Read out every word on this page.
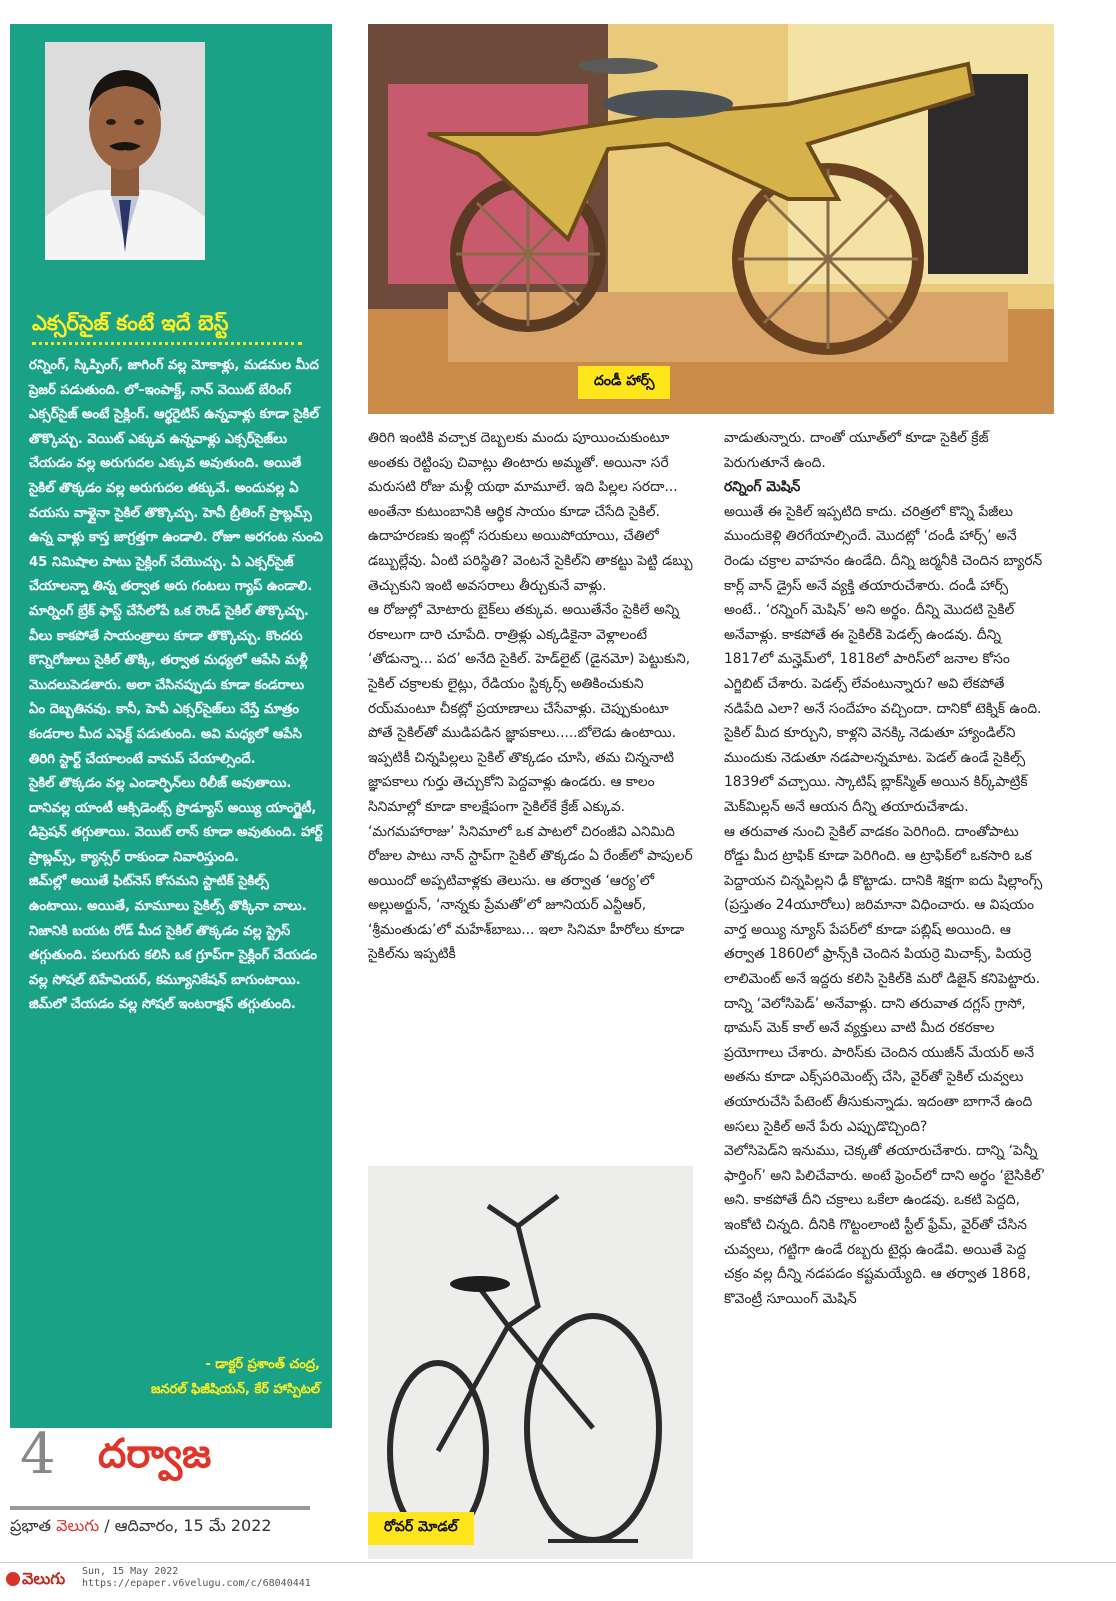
ఎక్సర్‌‌సైజ్ కంటే ఇదే బెస్ట్

రన్నింగ్, స్కిప్పింగ్, జాగింగ్ వల్ల మోకాళ్లు, మడమల మీద ప్రెజర్ పడుతుంది. లో–ఇంపాక్ట్, నాన్ వెయిట్ బేరింగ్ ఎక్సర్‌‌సైజ్ అంటే సైక్లింగ్. ఆర్థరైటిస్ ఉన్నవాళ్లు కూడా సైకిల్ తొక్కొచ్చు. వెయిట్ ఎక్కువ ఉన్నవాళ్లు ఎక్సర్‌‌సైజ్‌‌లు చేయడం వల్ల అరుగుదల ఎక్కువ అవుతుంది. అయితే సైకిల్ తొక్కడం వల్ల అరుగుదల తక్కువే. అందువల్ల ఏ వయసు వాళ్లైనా సైకిల్ తొక్కొచ్చు. హెవీ బ్రీతింగ్ ప్రాబ్లమ్స్ ఉన్న వాళ్లు కాస్త జాగ్రత్తగా ఉండాలి. రోజూ అరగంట నుంచి 45 నిమిషాల పాటు సైక్లింగ్ చేయొచ్చు. ఏ ఎక్సర్‌‌సైజ్ చేయాలన్నా తిన్న తర్వాత అరు గంటలు గ్యాప్ ఉండాలి. మార్నింగ్ బ్రేక్ ఫాస్ట్ చేసేలోపే ఒక రౌండ్ సైకిల్ తొక్కొచ్చు. వీలు కాకపోతే సాయంత్రాలు కూడా తొక్కొచ్చు. కొందరు కొన్నిరోజులు సైకిల్ తొక్కి, తర్వాత మధ్యలో ఆపేసి మళ్లీ మొదలుపెడతారు. అలా చేసినప్పుడు కూడా కండరాలు ఏం దెబ్బతినవు. కానీ, హెవీ ఎక్సర్‌‌సైజ్‌‌లు చేస్తే మాత్రం కండరాల మీద ఎఫెక్ట్ పడుతుంది. అవి మధ్యలో ఆపేసి తిరిగి స్టార్ట్ చేయాలంటే వామప్ చేయాల్సిందే.

సైకిల్ తొక్కడం వల్ల ఎండార్ఫిన్‌‌లు రిలీజ్ అవుతాయి. దానివల్ల యాంటీ ఆక్సిడెంట్స్ ప్రొడ్యూస్ అయ్యి యాంగ్జైటీ, డిప్రెషన్ తగ్గుతాయి. వెయిట్ లాస్ కూడా అవుతుంది. హార్ట్ ప్రాబ్లమ్స్, క్యాన్సర్ రాకుండా నివారిస్తుంది.

జిమ్‌‌ల్లో అయితే ఫిట్‌‌నెస్ కోసమని స్టాటిక్ సైకిల్స్ ఉంటాయి. అయితే, మామూలు సైకిల్స్ తొక్కినా చాలు. నిజానికి బయట రోడ్ మీద సైకిల్ తొక్కడం వల్ల స్ట్రెస్ తగ్గుతుంది. పలుగురు కలిసి ఒక గ్రూప్‌‌గా సైక్లింగ్ చేయడం వల్ల సోషల్ బిహేవియర్, కమ్యూనికేషన్ బాగుంటాయి. జిమ్‌‌లో చేయడం వల్ల సోషల్ ఇంటరాక్షన్ తగ్గుతుంది.

- డాక్టర్ ప్రశాంత్ చంద్ర,
జనరల్ ఫిజీషియన్, కేర్ హాస్పిటల్
దండీ హార్స్

తిరిగి ఇంటికి వచ్చాక దెబ్బలకు మందు పూయించుకుంటూ అంతకు రెట్టింపు చివాట్లు తింటారు అమ్మతో. అయినా సరే మరుసటి రోజు మళ్లీ యథా మామూలే. ఇది పిల్లల సరదా... అంతేనా కుటుంబానికి ఆర్థిక సాయం కూడా చేసేది సైకిల్. ఉదాహరణకు ఇంట్లో సరుకులు అయిపోయాయి, చేతిలో డబ్బుల్లేవు. ఏంటి పరిస్థితి? వెంటనే సైకిల్‌‌ని తాకట్టు పెట్టి డబ్బు తెచ్చుకుని ఇంటి అవసరాలు తీర్చుకునే వాళ్లు.

ఆ రోజుల్లో మోటారు బైక్‌‌లు తక్కువ. అయితేనేం సైకిలే అన్ని రకాలుగా దారి చూపేది. రాత్రిళ్లు ఎక్కడికైనా వెళ్లాలంటే ‘తోడున్నా... పద’ అనేది సైకిల్. హెడ్‌‌లైట్ (డైనమో) పెట్టుకుని, సైకిల్ చక్రాలకు లైట్లు, రేడియం స్టిక్కర్స్ అతికించుకుని రయ్‌‌మంటూ చీకట్లో ప్రయాణాలు చేసేవాళ్లు. చెప్పుకుంటూ పోతే సైకిల్‌‌తో ముడిపడిన జ్ఞాపకాలు.....బోలెడు ఉంటాయి. ఇప్పటికీ చిన్నపిల్లలు సైకిల్ తొక్కడం చూసి, తమ చిన్ననాటి జ్ఞాపకాలు గుర్తు తెచ్చుకోని పెద్దవాళ్లు ఉండరు. ఆ కాలం సినిమాల్లో కూడా కాలక్షేపంగా సైకిల్‌‌కే క్రేజ్ ఎక్కువ. ‘మగమహారాజు’ సినిమాలో ఒక పాటలో చిరంజీవి ఎనిమిది రోజుల పాటు నాన్ స్టాప్‌‌గా సైకిల్ తొక్కడం ఏ రేంజ్‌‌లో పాపులర్ అయిందో అప్పటివాళ్లకు తెలుసు. ఆ తర్వాత ‘ఆర్య’లో అల్లుఅర్జున్, ‘నాన్నకు ప్రేమతో’లో జూనియర్ ఎన్టీఆర్, ‘శ్రీమంతుడు’లో మహేశ్‌‌బాబు... ఇలా సినిమా హీరోలు కూడా సైకిల్‌‌ను ఇప్పటికీ

రోవర్ మోడల్

వాడుతున్నారు. దాంతో యూత్‌‌లో కూడా సైకిల్ క్రేజ్ పెరుగుతూనే ఉంది.

రన్నింగ్ మెషిన్

అయితే ఈ సైకిల్ ఇప్పటిది కాదు. చరిత్రలో కొన్ని పేజీలు ముందుకెళ్లి తిరగేయాల్సిందే. మొదట్లో ‘దండీ హార్స్’ అనే రెండు చక్రాల వాహనం ఉండేది. దీన్ని జర్మనీకి చెందిన బ్యారన్ కార్ల్ వాన్ డ్రైస్ అనే వ్యక్తి తయారుచేశారు. దండీ హార్స్ అంటే.. ‘రన్నింగ్ మెషిన్’ అని అర్థం. దీన్ని మొదటి సైకిల్ అనేవాళ్లు. కాకపోతే ఈ సైకిల్‌‌కి పెడల్స్ ఉండవు. దీన్ని 1817లో మన్హెమ్‌‌లో, 1818లో పారిస్‌‌లో జనాల కోసం ఎగ్జిబిట్ చేశారు. పెడల్స్ లేవంటున్నారు? అవి లేకపోతే నడిపేది ఎలా? అనే సందేహం వచ్చిందా. దానికో టెక్నిక్ ఉంది. సైకిల్ మీద కూర్చుని, కాళ్లని వెనక్కి నెడుతూ హ్యాండిల్‌‌ని ముందుకు నెడుతూ నడపాలన్నమాట. పెడల్ ఉండే సైకిల్స్ 1839లో వచ్చాయి. స్కాటిష్ బ్లాక్‌‌స్మిత్ అయిన కిర్క్‌‌పాట్రిక్ మెక్‌‌మిల్లన్ అనే ఆయన దీన్ని తయారుచేశాడు.

ఆ తరువాత నుంచి సైకిల్ వాడకం పెరిగింది. దాంతోపాటు రోడ్డు మీద ట్రాఫిక్ కూడా పెరిగింది. ఆ ట్రాఫిక్‌‌లో ఒకసారి ఒక పెద్దాయన చిన్నపిల్లని ఢీ కొట్టాడు. దానికి శిక్షగా ఐదు షిల్లాంగ్స్ (ప్రస్తుతం 24యూరోలు) జరిమానా విధించారు. ఆ విషయం వార్త అయ్యి న్యూస్ పేపర్‌‌లో కూడా పబ్లిష్ అయింది. ఆ తర్వాత 1860లో ఫ్రాన్స్‌‌కి చెందిన పియర్రె మిచాక్స్, పియర్రె లాలిమెంట్ అనే ఇద్దరు కలిసి సైకిల్‌‌కి మరో డిజైన్ కనిపెట్టారు. దాన్ని ‘వెలోసిపెడ్’ అనేవాళ్లు. దాని తరువాత దగ్లస్ గ్రాసో, థామస్ మెక్ కాల్ అనే వ్యక్తులు వాటి మీద రకరకాల ప్రయోగాలు చేశారు. పారిస్‌‌కు చెందిన యుజీన్ మేయర్ అనే అతను కూడా ఎక్స్‌‌పరిమెంట్స్ చేసి, వైర్‌‌తో సైకిల్ చువ్వలు తయారుచేసి పేటెంట్ తీసుకున్నాడు. ఇదంతా బాగానే ఉంది అసలు సైకిల్ అనే పేరు ఎప్పుడొచ్చింది?

వెలోసిపెడ్‌‌ని ఇనుము, చెక్కతో తయారుచేశారు. దాన్ని ‘పెన్నీ ఫార్తింగ్’ అని పిలిచేవారు. అంటే ఫ్రెంచ్‌‌లో దాని అర్థం ‘బైసికిల్’ అని. కాకపోతే దీని చక్రాలు ఒకేలా ఉండవు. ఒకటి పెద్దది, ఇంకోటి చిన్నది. దీనికి గొట్టంలాంటి స్టీల్ ఫ్రేమ్, వైర్‌‌తో చేసిన చువ్వలు, గట్టిగా ఉండే రబ్బరు టైర్లు ఉండేవి. అయితే పెద్ద చక్రం వల్ల దీన్ని నడపడం కష్టమయ్యేది. ఆ తర్వాత 1868, కొవెంట్రీ సూయింగ్ మెషిన్

4 దర్వాజ
ప్రభాత వెలుగు / ఆదివారం, 15 మే 2022
వెలుగు Sun, 15 May 2022
https://epaper.v6velugu.com/c/68040441
